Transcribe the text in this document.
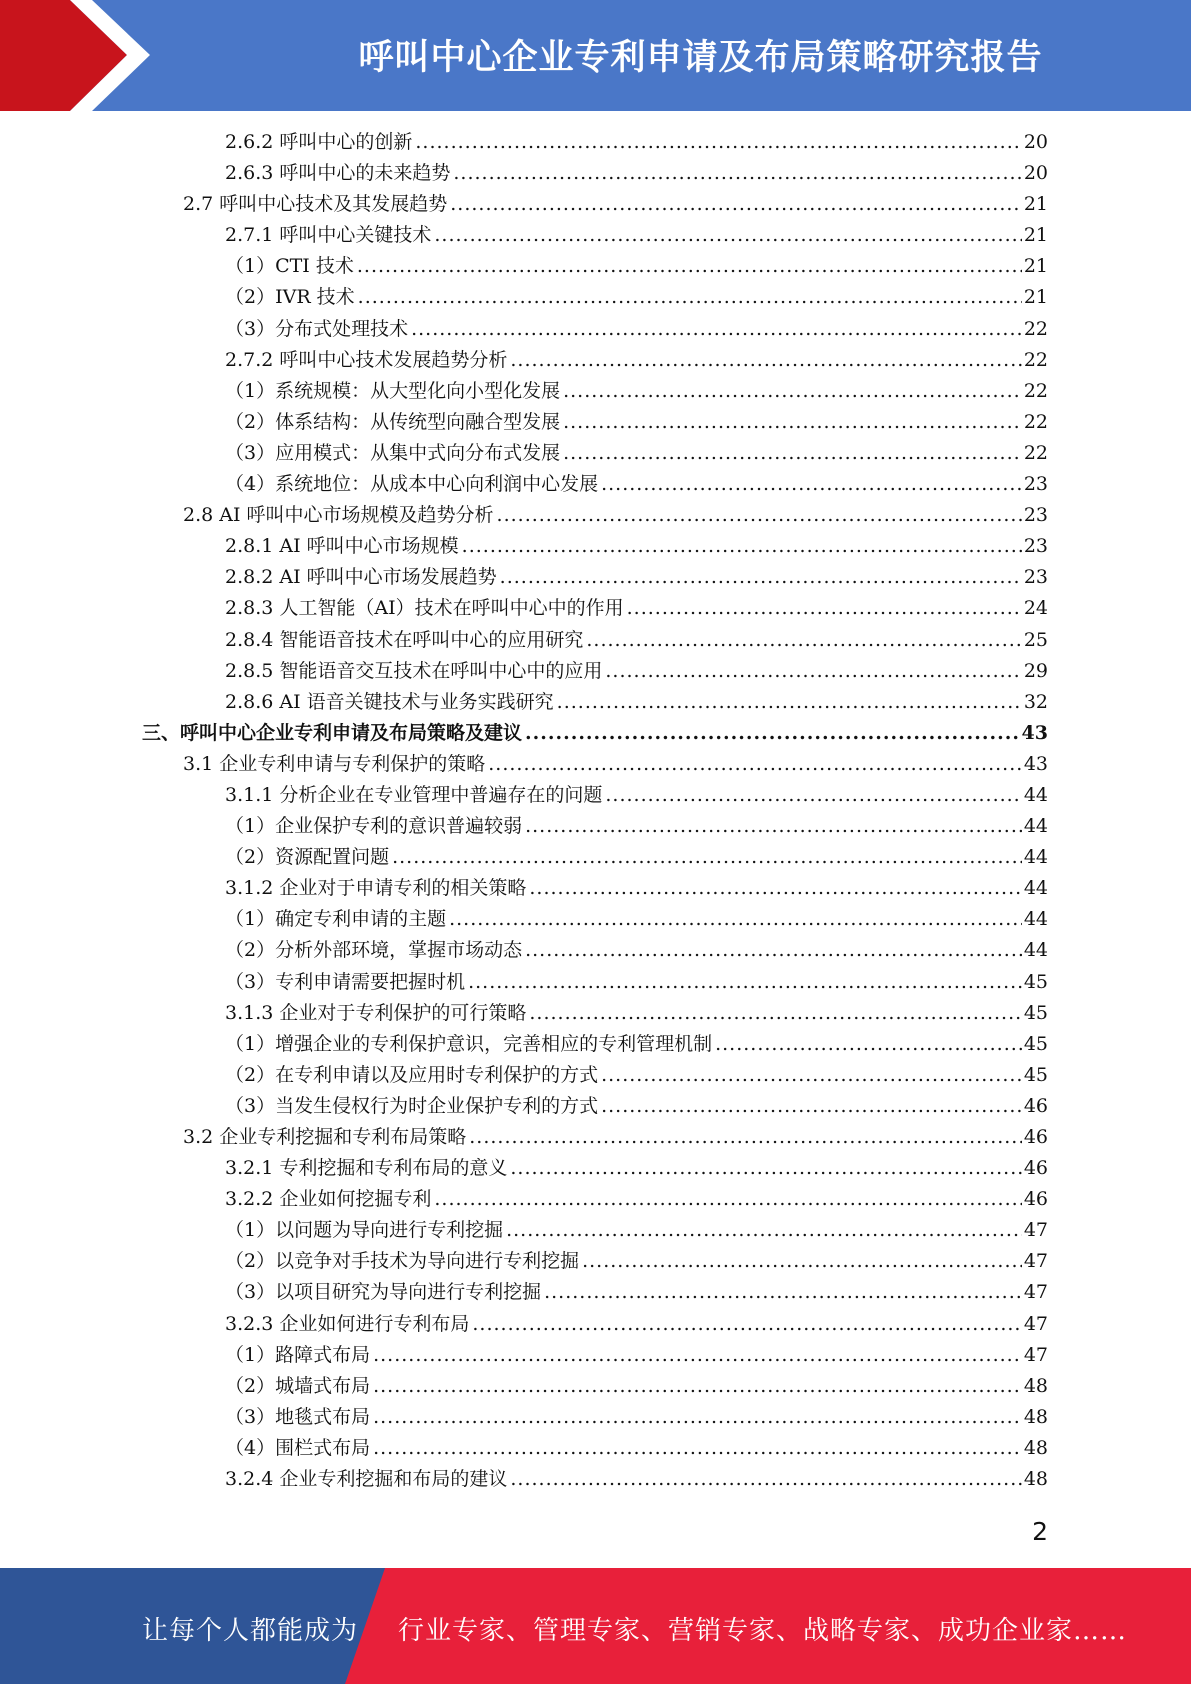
呼叫中心企业专利申请及布局策略研究报告
2.6.2 呼叫中心的创新 .....	20
2.6.3 呼叫中心的未来趋势 .....	20
2.7 呼叫中心技术及其发展趋势 .....	21
2.7.1 呼叫中心关键技术 .....	21
（1）CTI 技术 .....	21
（2）IVR 技术 .....	21
（3）分布式处理技术 .....	22
2.7.2 呼叫中心技术发展趋势分析 .....	22
（1）系统规模：从大型化向小型化发展 .....	22
（2）体系结构：从传统型向融合型发展 .....	22
（3）应用模式：从集中式向分布式发展 .....	22
（4）系统地位：从成本中心向利润中心发展 .....	23
2.8 AI 呼叫中心市场规模及趋势分析 .....	23
2.8.1 AI 呼叫中心市场规模 .....	23
2.8.2 AI 呼叫中心市场发展趋势 .....	23
2.8.3 人工智能（AI）技术在呼叫中心中的作用 .....	24
2.8.4 智能语音技术在呼叫中心的应用研究 .....	25
2.8.5 智能语音交互技术在呼叫中心中的应用 .....	29
2.8.6 AI 语音关键技术与业务实践研究 .....	32
三、呼叫中心企业专利申请及布局策略及建议 .....	43
3.1 企业专利申请与专利保护的策略 .....	43
3.1.1 分析企业在专业管理中普遍存在的问题 .....	44
（1）企业保护专利的意识普遍较弱 .....	44
（2）资源配置问题 .....	44
3.1.2 企业对于申请专利的相关策略 .....	44
（1）确定专利申请的主题 .....	44
（2）分析外部环境，掌握市场动态 .....	44
（3）专利申请需要把握时机 .....	45
3.1.3 企业对于专利保护的可行策略 .....	45
（1）增强企业的专利保护意识，完善相应的专利管理机制 .....	45
（2）在专利申请以及应用时专利保护的方式 .....	45
（3）当发生侵权行为时企业保护专利的方式 .....	46
3.2 企业专利挖掘和专利布局策略 .....	46
3.2.1 专利挖掘和专利布局的意义 .....	46
3.2.2 企业如何挖掘专利 .....	46
（1）以问题为导向进行专利挖掘 .....	47
（2）以竞争对手技术为导向进行专利挖掘 .....	47
（3）以项目研究为导向进行专利挖掘 .....	47
3.2.3 企业如何进行专利布局 .....	47
（1）路障式布局 .....	47
（2）城墙式布局 .....	48
（3）地毯式布局 .....	48
（4）围栏式布局 .....	48
3.2.4 企业专利挖掘和布局的建议 .....	48
2
让每个人都能成为 行业专家、管理专家、营销专家、战略专家、成功企业家……
